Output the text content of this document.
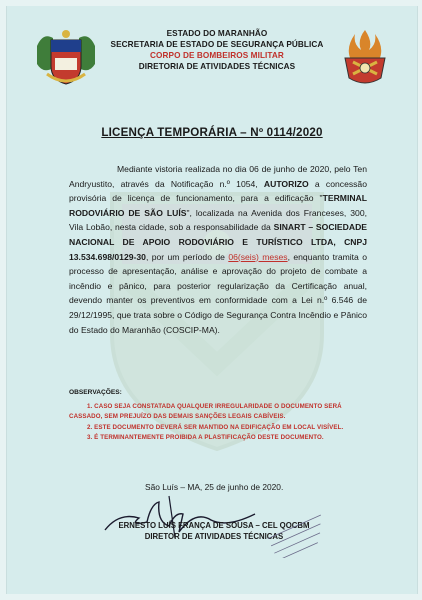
ESTADO DO MARANHÃO
SECRETARIA DE ESTADO DE SEGURANÇA PÚBLICA
CORPO DE BOMBEIROS MILITAR
DIRETORIA DE ATIVIDADES TÉCNICAS
LICENÇA TEMPORÁRIA – Nº 0114/2020
Mediante vistoria realizada no dia 06 de junho de 2020, pelo Ten Andryustito, através da Notificação n.º 1054, AUTORIZO a concessão provisória de licença de funcionamento, para a edificação "TERMINAL RODOVIÁRIO DE SÃO LUÍS", localizada na Avenida dos Franceses, 300, Vila Lobão, nesta cidade, sob a responsabilidade da SINART – SOCIEDADE NACIONAL DE APOIO RODOVIÁRIO E TURÍSTICO LTDA, CNPJ 13.534.698/0129-30, por um período de 06(seis) meses, enquanto tramita o processo de apresentação, análise e aprovação do projeto de combate a incêndio e pânico, para posterior regularização da Certificação anual, devendo manter os preventivos em conformidade com a Lei n.º 6.546 de 29/12/1995, que trata sobre o Código de Segurança Contra Incêndio e Pânico do Estado do Maranhão (COSCIP-MA).
OBSERVAÇÕES:
1. CASO SEJA CONSTATADA QUALQUER IRREGULARIDADE O DOCUMENTO SERÁ
CASSADO, SEM PREJUÍZO DAS DEMAIS SANÇÕES LEGAIS CABÍVEIS.
2. ESTE DOCUMENTO DEVERÁ SER MANTIDO NA EDIFICAÇÃO EM LOCAL VISÍVEL.
3. É TERMINANTEMENTE PROIBIDA A PLASTIFICAÇÃO DESTE DOCUMENTO.
São Luís – MA, 25 de junho de 2020.
ERNESTO LUÍS FRANÇA DE SOUSA – CEL QOCBM
DIRETOR DE ATIVIDADES TÉCNICAS
